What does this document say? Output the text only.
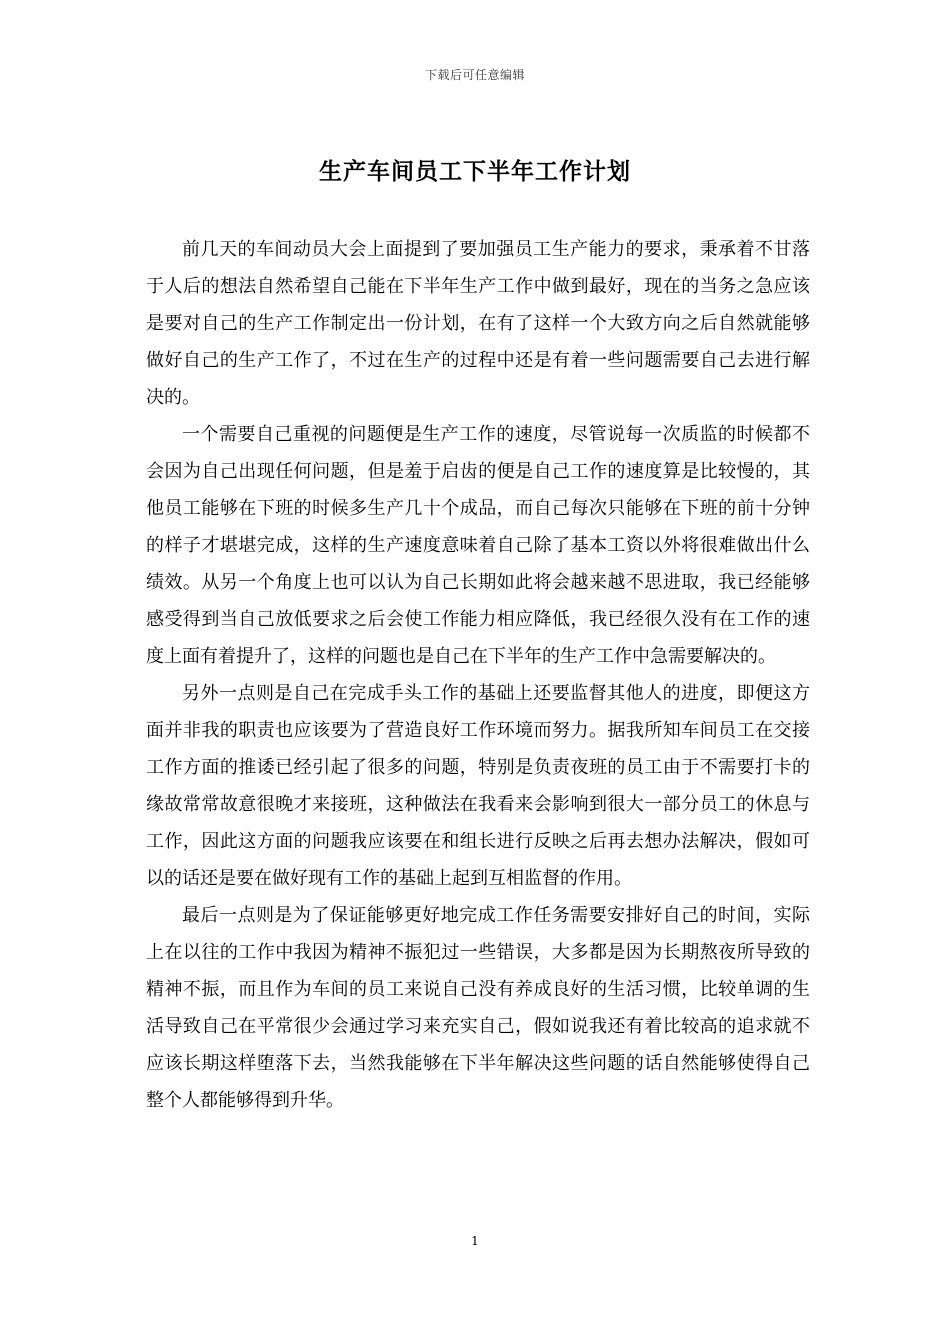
下载后可任意编辑
生产车间员工下半年工作计划

前几天的车间动员大会上面提到了要加强员工生产能力的要求，秉承着不甘落于人后的想法自然希望自己能在下半年生产工作中做到最好，现在的当务之急应该是要对自己的生产工作制定出一份计划，在有了这样一个大致方向之后自然就能够做好自己的生产工作了，不过在生产的过程中还是有着一些问题需要自己去进行解决的。

一个需要自己重视的问题便是生产工作的速度，尽管说每一次质监的时候都不会因为自己出现任何问题，但是羞于启齿的便是自己工作的速度算是比较慢的，其他员工能够在下班的时候多生产几十个成品，而自己每次只能够在下班的前十分钟的样子才堪堪完成，这样的生产速度意味着自己除了基本工资以外将很难做出什么绩效。从另一个角度上也可以认为自己长期如此将会越来越不思进取，我已经能够感受得到当自己放低要求之后会使工作能力相应降低，我已经很久没有在工作的速度上面有着提升了，这样的问题也是自己在下半年的生产工作中急需要解决的。

另外一点则是自己在完成手头工作的基础上还要监督其他人的进度，即便这方面并非我的职责也应该要为了营造良好工作环境而努力。据我所知车间员工在交接工作方面的推诿已经引起了很多的问题，特别是负责夜班的员工由于不需要打卡的缘故常常故意很晚才来接班，这种做法在我看来会影响到很大一部分员工的休息与工作，因此这方面的问题我应该要在和组长进行反映之后再去想办法解决，假如可以的话还是要在做好现有工作的基础上起到互相监督的作用。

最后一点则是为了保证能够更好地完成工作任务需要安排好自己的时间，实际上在以往的工作中我因为精神不振犯过一些错误，大多都是因为长期熬夜所导致的精神不振，而且作为车间的员工来说自己没有养成良好的生活习惯，比较单调的生活导致自己在平常很少会通过学习来充实自己，假如说我还有着比较高的追求就不应该长期这样堕落下去，当然我能够在下半年解决这些问题的话自然能够使得自己整个人都能够得到升华。

1
